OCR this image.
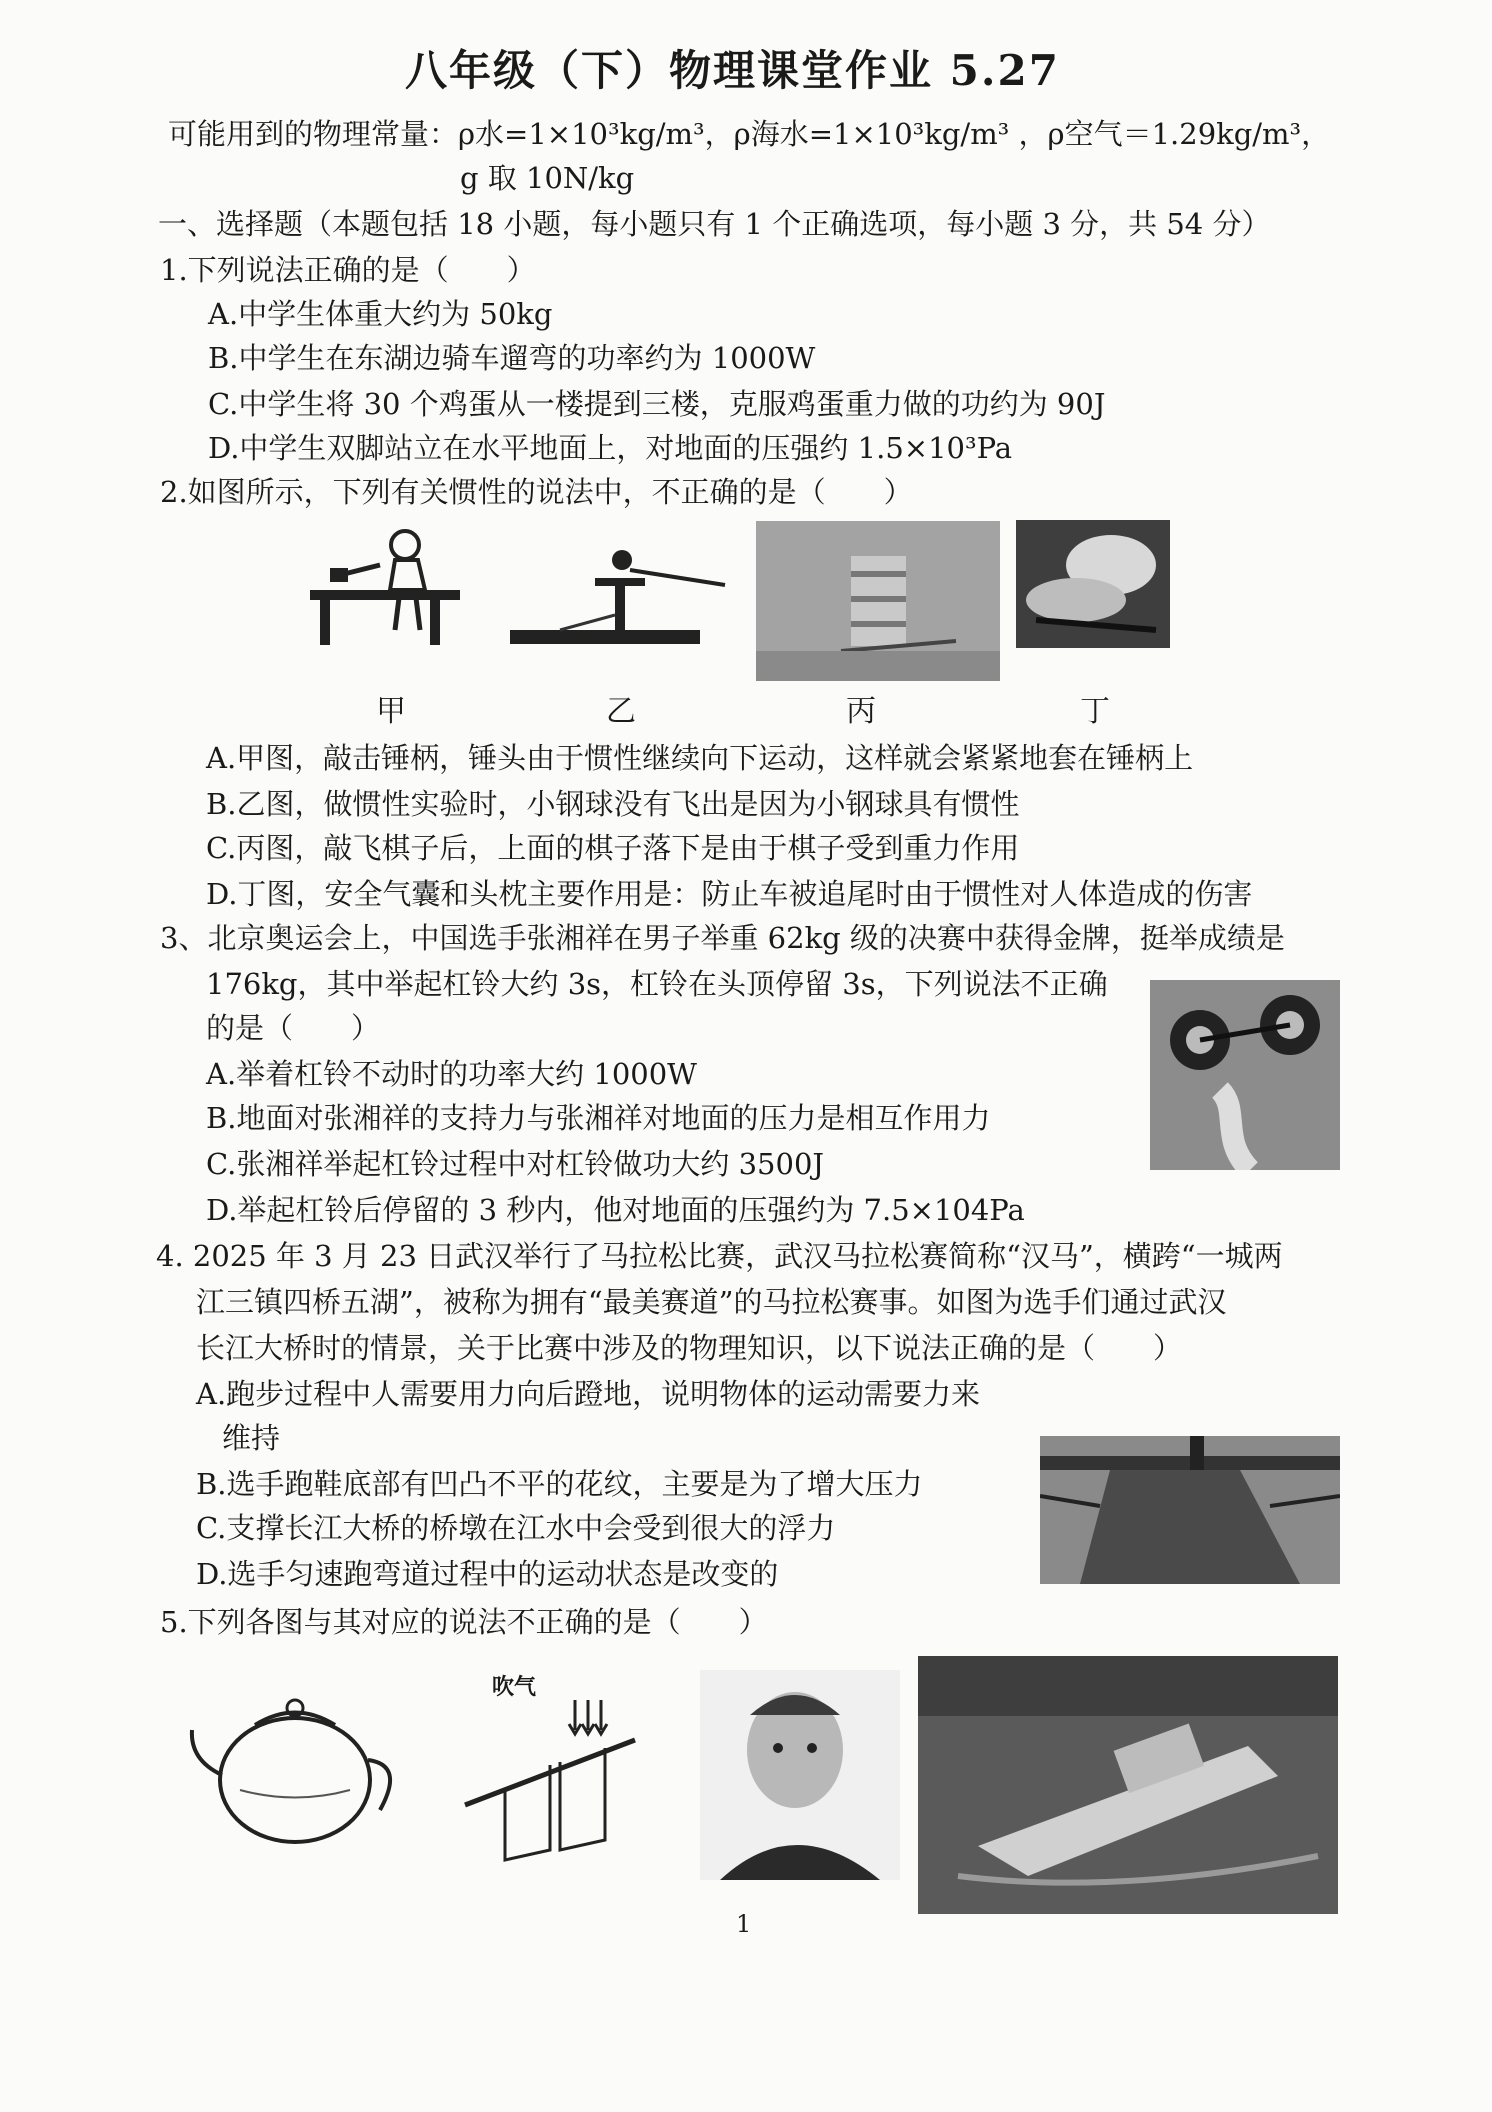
八年级（下）物理课堂作业 5.27
可能用到的物理常量：ρ水=1×10³kg/m³，ρ海水=1×10³kg/m³ ，ρ空气＝1.29kg/m³，
g 取 10N/kg
一、选择题（本题包括 18 小题，每小题只有 1 个正确选项，每小题 3 分，共 54 分）
1.下列说法正确的是（　　）
A.中学生体重大约为 50kg
B.中学生在东湖边骑车遛弯的功率约为 1000W
C.中学生将 30 个鸡蛋从一楼提到三楼，克服鸡蛋重力做的功约为 90J
D.中学生双脚站立在水平地面上，对地面的压强约 1.5×10³Pa
2.如图所示，下列有关惯性的说法中，不正确的是（　　）
甲	乙	丙	丁
A.甲图，敲击锤柄，锤头由于惯性继续向下运动，这样就会紧紧地套在锤柄上
B.乙图，做惯性实验时，小钢球没有飞出是因为小钢球具有惯性
C.丙图，敲飞棋子后，上面的棋子落下是由于棋子受到重力作用
D.丁图，安全气囊和头枕主要作用是：防止车被追尾时由于惯性对人体造成的伤害
3、北京奥运会上，中国选手张湘祥在男子举重 62kg 级的决赛中获得金牌，挺举成绩是
176kg，其中举起杠铃大约 3s，杠铃在头顶停留 3s，下列说法不正确
的是（　　）
A.举着杠铃不动时的功率大约 1000W
B.地面对张湘祥的支持力与张湘祥对地面的压力是相互作用力
C.张湘祥举起杠铃过程中对杠铃做功大约 3500J
D.举起杠铃后停留的 3 秒内，他对地面的压强约为 7.5×104Pa
4. 2025 年 3 月 23 日武汉举行了马拉松比赛，武汉马拉松赛简称“汉马”，横跨“一城两
江三镇四桥五湖”，被称为拥有“最美赛道”的马拉松赛事。如图为选手们通过武汉
长江大桥时的情景，关于比赛中涉及的物理知识，以下说法正确的是（　　）
A.跑步过程中人需要用力向后蹬地，说明物体的运动需要力来
维持
B.选手跑鞋底部有凹凸不平的花纹，主要是为了增大压力
C.支撑长江大桥的桥墩在江水中会受到很大的浮力
D.选手匀速跑弯道过程中的运动状态是改变的
5.下列各图与其对应的说法不正确的是（　　）
吹气
1
